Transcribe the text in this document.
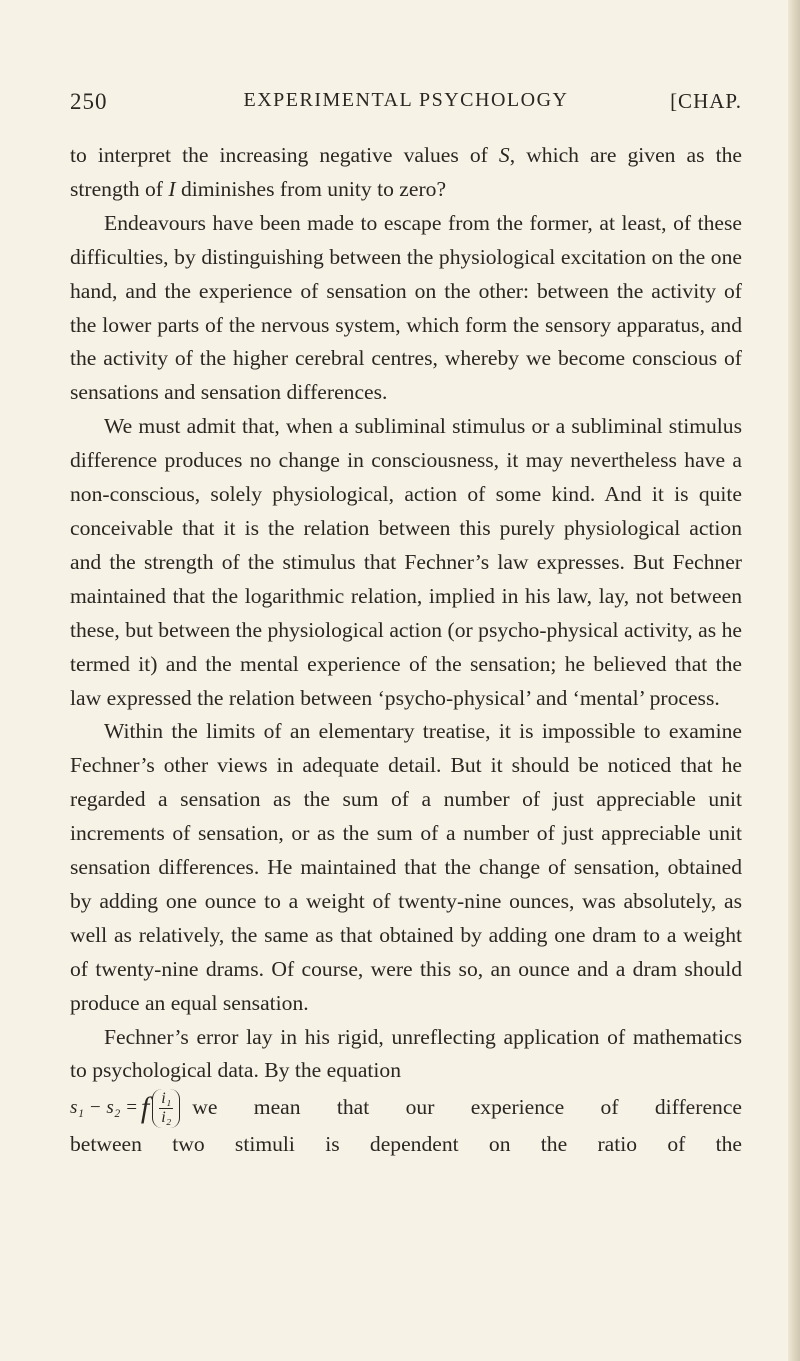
250	EXPERIMENTAL PSYCHOLOGY	[CHAP.

to interpret the increasing negative values of S, which are given as the strength of I diminishes from unity to zero?

Endeavours have been made to escape from the former, at least, of these difficulties, by distinguishing between the physiological excitation on the one hand, and the experience of sensation on the other: between the activity of the lower parts of the nervous system, which form the sensory apparatus, and the activity of the higher cerebral centres, whereby we become conscious of sensations and sensation differences.

We must admit that, when a subliminal stimulus or a subliminal stimulus difference produces no change in consciousness, it may nevertheless have a non-conscious, solely physiological, action of some kind. And it is quite conceivable that it is the relation between this purely physiological action and the strength of the stimulus that Fechner’s law expresses. But Fechner maintained that the logarithmic relation, implied in his law, lay, not between these, but between the physiological action (or psycho-physical activity, as he termed it) and the mental experience of the sensation; he believed that the law expressed the relation between ‘psycho-physical’ and ‘mental’ process.

Within the limits of an elementary treatise, it is impossible to examine Fechner’s other views in adequate detail. But it should be noticed that he regarded a sensation as the sum of a number of just appreciable unit increments of sensation, or as the sum of a number of just appreciable unit sensation differences. He maintained that the change of sensation, obtained by adding one ounce to a weight of twenty-nine ounces, was absolutely, as well as relatively, the same as that obtained by adding one dram to a weight of twenty-nine drams. Of course, were this so, an ounce and a dram should produce an equal sensation.

Fechner’s error lay in his rigid, unreflecting application of mathematics to psychological data. By the equation

s₁ − s₂ = f $\frac{\text{i₁}}{\text{i₂}}$ we mean that our experience of difference

between two stimuli is dependent on the ratio of the
